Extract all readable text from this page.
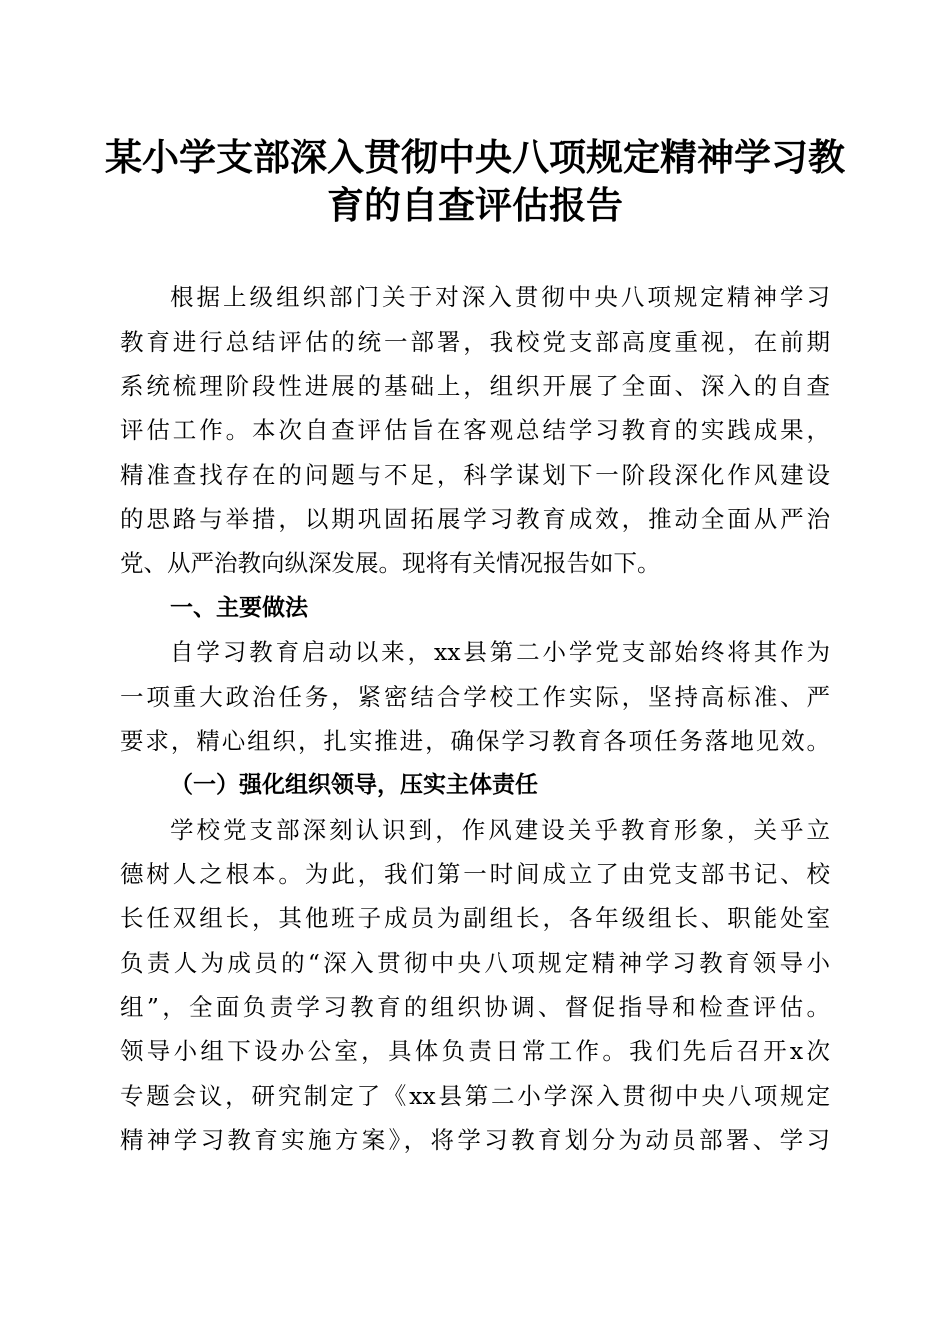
某小学支部深入贯彻中央八项规定精神学习教
育的自查评估报告

根据上级组织部门关于对深入贯彻中央八项规定精神学习

教育进行总结评估的统一部署，我校党支部高度重视，在前期

系统梳理阶段性进展的基础上，组织开展了全面、深入的自查

评估工作。本次自查评估旨在客观总结学习教育的实践成果，

精准查找存在的问题与不足，科学谋划下一阶段深化作风建设

的思路与举措，以期巩固拓展学习教育成效，推动全面从严治

党、从严治教向纵深发展。现将有关情况报告如下。

一、主要做法

自学习教育启动以来，xx县第二小学党支部始终将其作为

一项重大政治任务，紧密结合学校工作实际，坚持高标准、严

要求，精心组织，扎实推进，确保学习教育各项任务落地见效。

（一）强化组织领导，压实主体责任

学校党支部深刻认识到，作风建设关乎教育形象，关乎立

德树人之根本。为此，我们第一时间成立了由党支部书记、校

长任双组长，其他班子成员为副组长，各年级组长、职能处室

负责人为成员的“深入贯彻中央八项规定精神学习教育领导小

组”，全面负责学习教育的组织协调、督促指导和检查评估。

领导小组下设办公室，具体负责日常工作。我们先后召开x次

专题会议，研究制定了《xx县第二小学深入贯彻中央八项规定

精神学习教育实施方案》，将学习教育划分为动员部署、学习
